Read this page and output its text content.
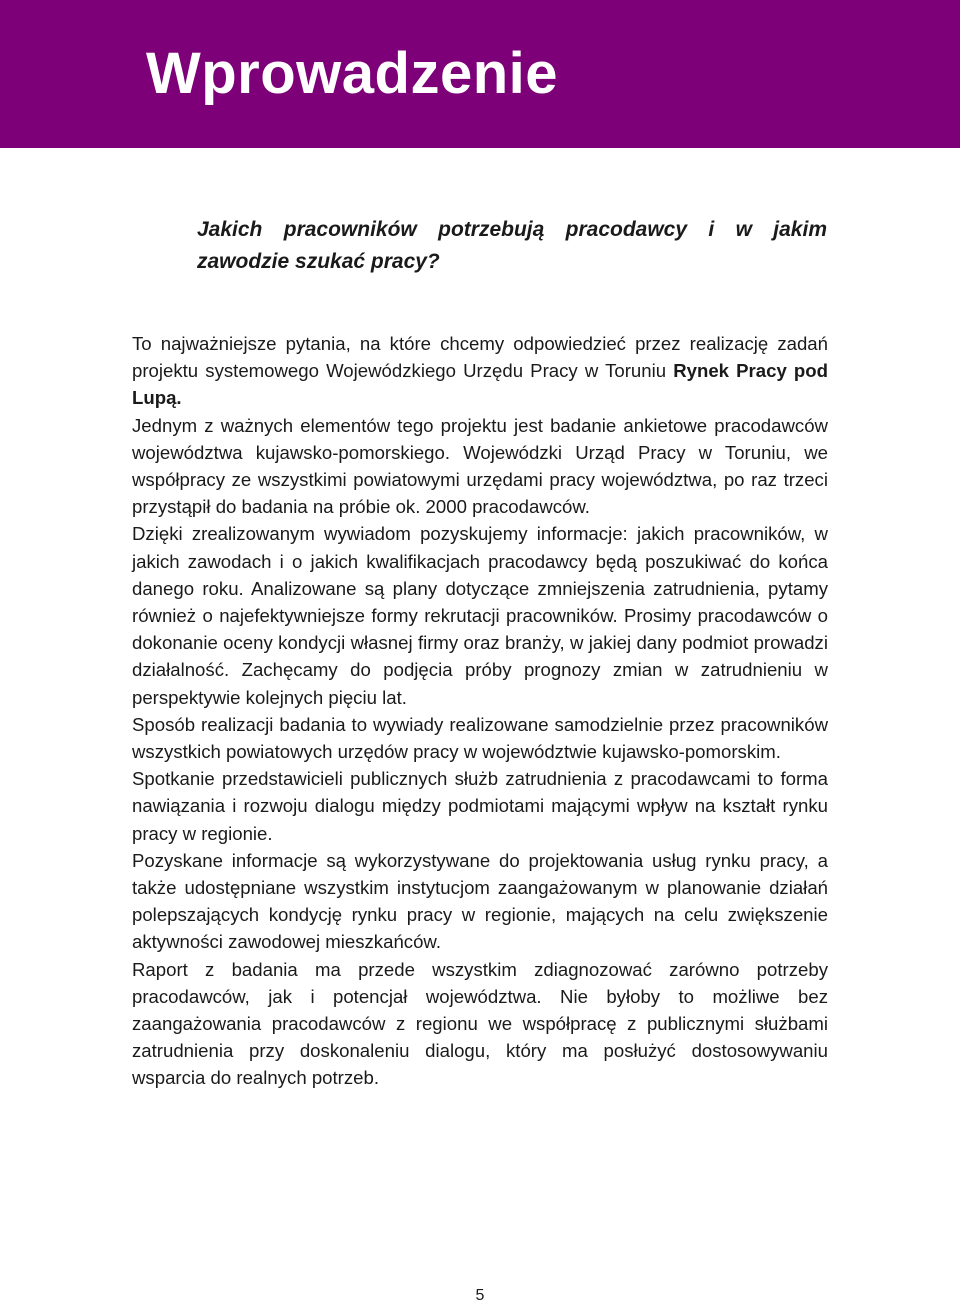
Wprowadzenie

Jakich pracowników potrzebują pracodawcy i w jakim zawodzie szukać pracy?

To najważniejsze pytania, na które chcemy odpowiedzieć przez realizację zadań projektu systemowego Wojewódzkiego Urzędu Pracy w Toruniu Rynek Pracy pod Lupą.

Jednym z ważnych elementów tego projektu jest badanie ankietowe pracodawców województwa kujawsko-pomorskiego. Wojewódzki Urząd Pracy w Toruniu, we współpracy ze wszystkimi powiatowymi urzędami pracy województwa, po raz trzeci przystąpił do badania na próbie ok. 2000 pracodawców.

Dzięki zrealizowanym wywiadom pozyskujemy informacje: jakich pracowników, w jakich zawodach i o jakich kwalifikacjach pracodawcy będą poszukiwać do końca danego roku. Analizowane są plany dotyczące zmniejszenia zatrudnienia, pytamy również o najefektywniejsze formy rekrutacji pracowników. Prosimy pracodawców o dokonanie oceny kondycji własnej firmy oraz branży, w jakiej dany podmiot prowadzi działalność. Zachęcamy do podjęcia próby prognozy zmian w zatrudnieniu w perspektywie kolejnych pięciu lat.

Sposób realizacji badania to wywiady realizowane samodzielnie przez pracowników wszystkich powiatowych urzędów pracy w województwie kujawsko-pomorskim.

Spotkanie przedstawicieli publicznych służb zatrudnienia z pracodawcami to forma nawiązania i rozwoju dialogu między podmiotami mającymi wpływ na kształt rynku pracy w regionie.

Pozyskane informacje są wykorzystywane do projektowania usług rynku pracy, a także udostępniane wszystkim instytucjom zaangażowanym w planowanie działań polepszających kondycję rynku pracy w regionie, mających na celu zwiększenie aktywności zawodowej mieszkańców.

Raport z badania ma przede wszystkim zdiagnozować zarówno potrzeby pracodawców, jak i potencjał województwa. Nie byłoby to możliwe bez zaangażowania pracodawców z regionu we współpracę z publicznymi służbami zatrudnienia przy doskonaleniu dialogu, który ma posłużyć dostosowywaniu wsparcia do realnych potrzeb.

5
